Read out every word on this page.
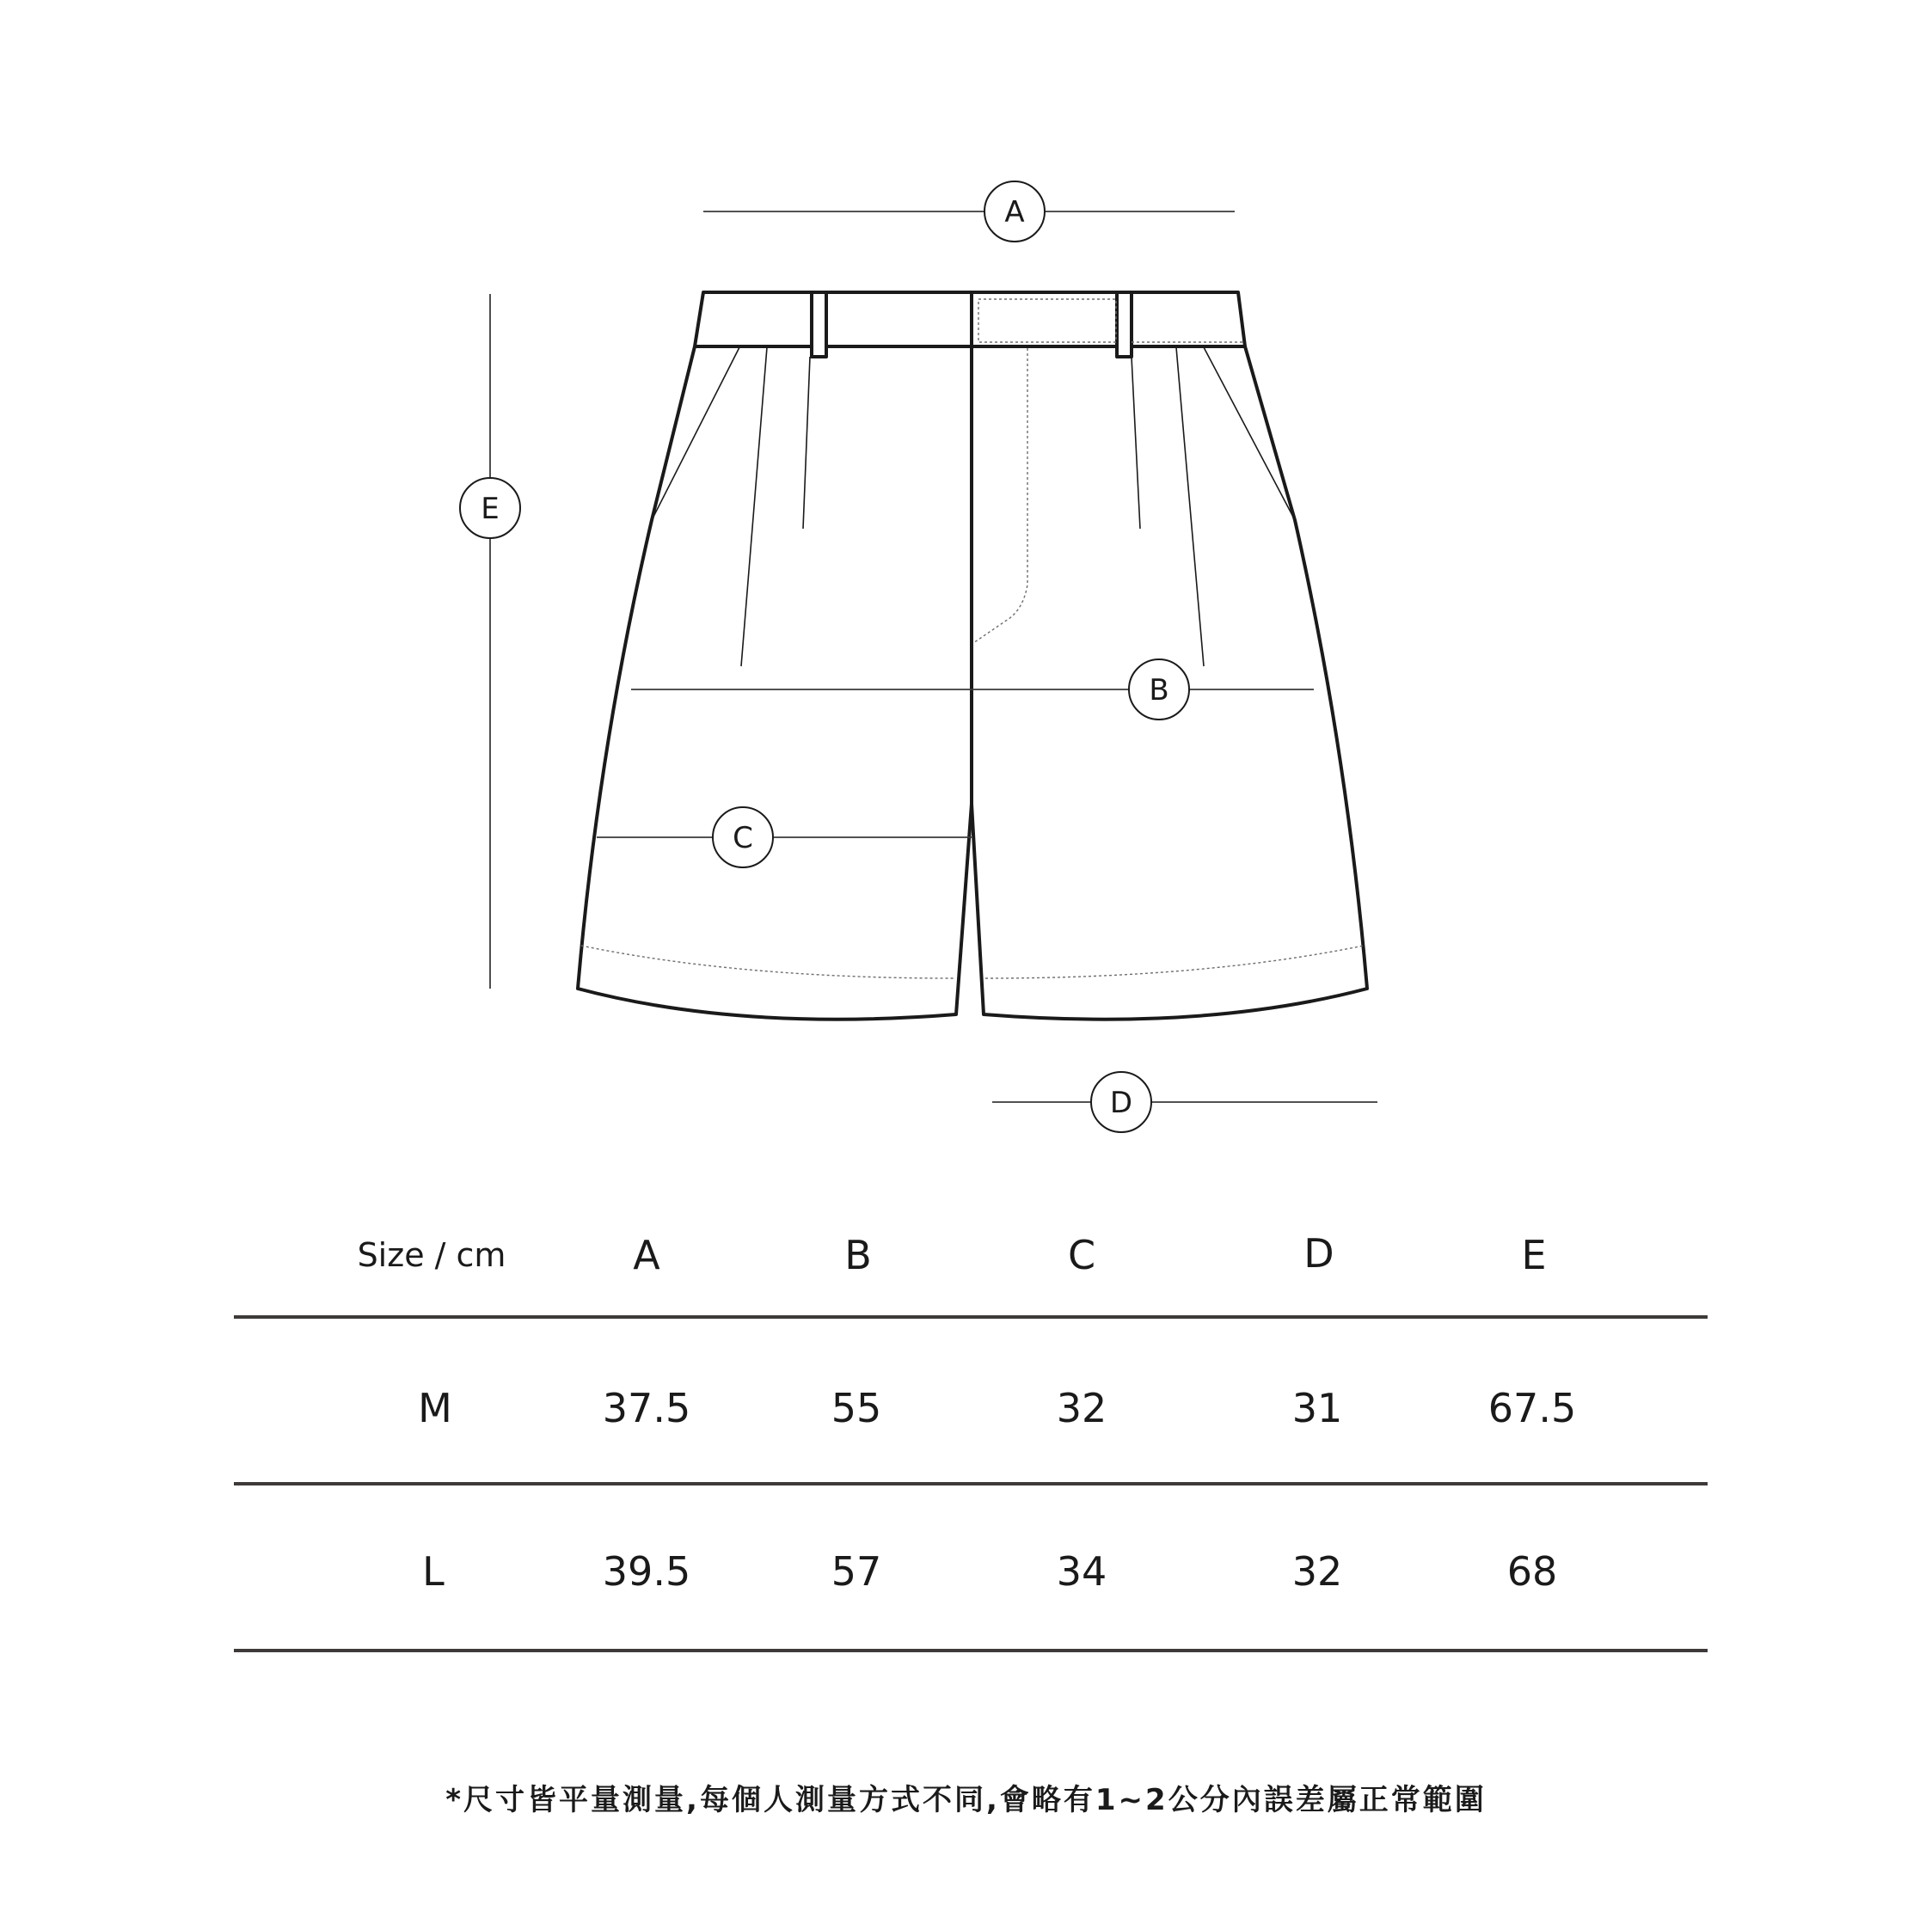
A
B
C
D
E
Size / cm	A	B	C	D	E
M	37.5	55	32	31	67.5
L	39.5	57	34	32	68
*尺寸皆平量測量,每個人測量方式不同,會略有1~2公分內誤差屬正常範圍
